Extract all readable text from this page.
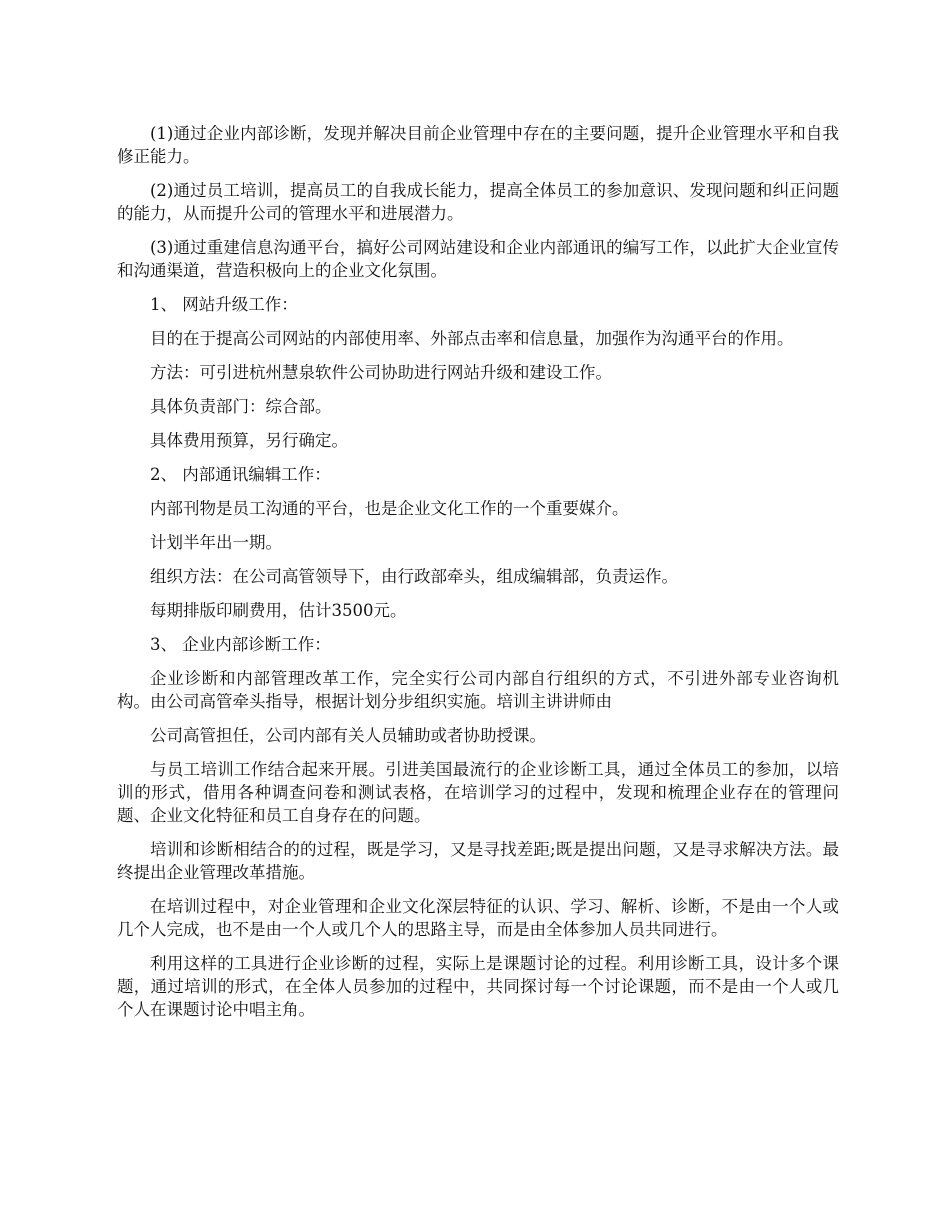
(1)通过企业内部诊断，发现并解决目前企业管理中存在的主要问题，提升企业管理水平和自我修正能力。

(2)通过员工培训，提高员工的自我成长能力，提高全体员工的参加意识、发现问题和纠正问题的能力，从而提升公司的管理水平和进展潜力。

(3)通过重建信息沟通平台，搞好公司网站建设和企业内部通讯的编写工作，以此扩大企业宣传和沟通渠道，营造积极向上的企业文化氛围。

1、 网站升级工作：

目的在于提高公司网站的内部使用率、外部点击率和信息量，加强作为沟通平台的作用。

方法：可引进杭州慧泉软件公司协助进行网站升级和建设工作。

具体负责部门：综合部。

具体费用预算，另行确定。

2、 内部通讯编辑工作：

内部刊物是员工沟通的平台，也是企业文化工作的一个重要媒介。

计划半年出一期。

组织方法：在公司高管领导下，由行政部牵头，组成编辑部，负责运作。

每期排版印刷费用，估计3500元。

3、 企业内部诊断工作：

企业诊断和内部管理改革工作，完全实行公司内部自行组织的方式，不引进外部专业咨询机构。由公司高管牵头指导，根据计划分步组织实施。培训主讲讲师由

公司高管担任，公司内部有关人员辅助或者协助授课。

与员工培训工作结合起来开展。引进美国最流行的企业诊断工具，通过全体员工的参加，以培训的形式，借用各种调查问卷和测试表格，在培训学习的过程中，发现和梳理企业存在的管理问题、企业文化特征和员工自身存在的问题。

培训和诊断相结合的的过程，既是学习，又是寻找差距;既是提出问题，又是寻求解决方法。最终提出企业管理改革措施。

在培训过程中，对企业管理和企业文化深层特征的认识、学习、解析、诊断，不是由一个人或几个人完成，也不是由一个人或几个人的思路主导，而是由全体参加人员共同进行。

利用这样的工具进行企业诊断的过程，实际上是课题讨论的过程。利用诊断工具，设计多个课题，通过培训的形式，在全体人员参加的过程中，共同探讨每一个讨论课题，而不是由一个人或几个人在课题讨论中唱主角。
